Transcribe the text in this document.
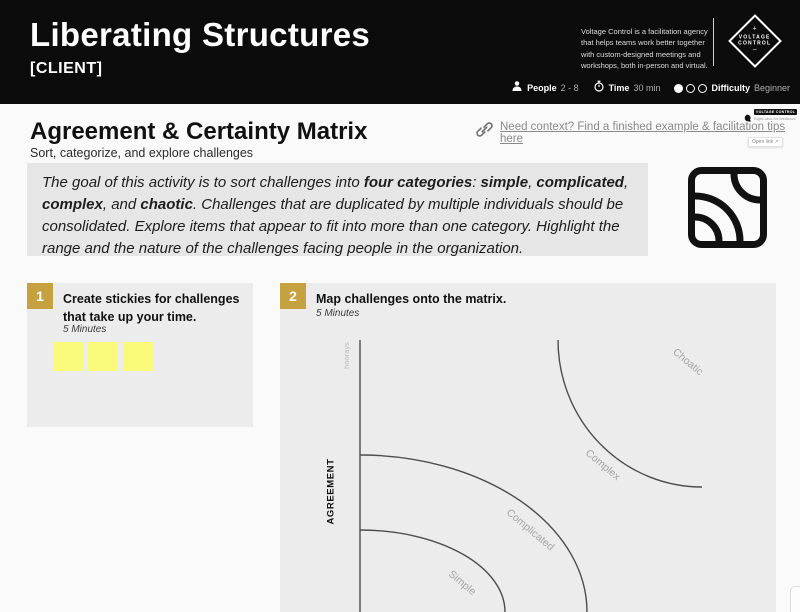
Liberating Structures
[CLIENT]
Voltage Control is a facilitation agency that helps teams work better together with custom-designed meetings and workshops, both in-person and virtual.
+
VOLTAGE
CONTROL
–
People 2 - 8	Time 30 min	Difficulty Beginner
Agreement & Certainty Matrix
Sort, categorize, and explore challenges
Need context? Find a finished example & facilitation tips here	Open link ↗
VOLTAGE CONTROL
Right-click for feedback
The goal of this activity is to sort challenges into four categories: simple, complicated, complex, and chaotic. Challenges that are duplicated by multiple individuals should be consolidated. Explore items that appear to fit into more than one category. Highlight the range and the nature of the challenges facing people in the organization.
1	Create stickies for challenges that take up your time.
5 Minutes
2	Map challenges onto the matrix.
5 Minutes
AGREEMENT
hoorays
Simple
Complicated
Complex
Choatic
